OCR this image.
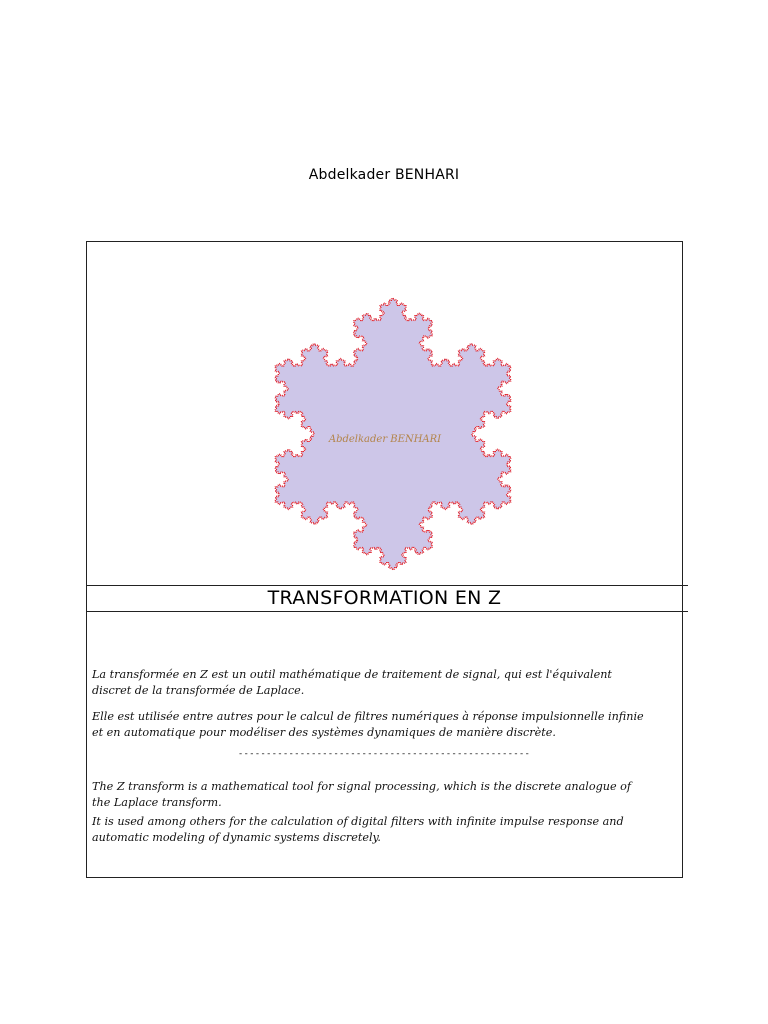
Abdelkader BENHARI
Abdelkader BENHARI
TRANSFORMATION EN Z
La transformée en Z est un outil mathématique de traitement de signal, qui est l'équivalent discret de la transformée de Laplace.
Elle est utilisée entre autres pour le calcul de filtres numériques à réponse impulsionnelle infinie et en automatique pour modéliser des systèmes dynamiques de manière discrète.
----------------------------------------------------
The Z transform is a mathematical tool for signal processing, which is the discrete analogue of the Laplace transform.
It is used among others for the calculation of digital filters with infinite impulse response and automatic modeling of dynamic systems discretely.
